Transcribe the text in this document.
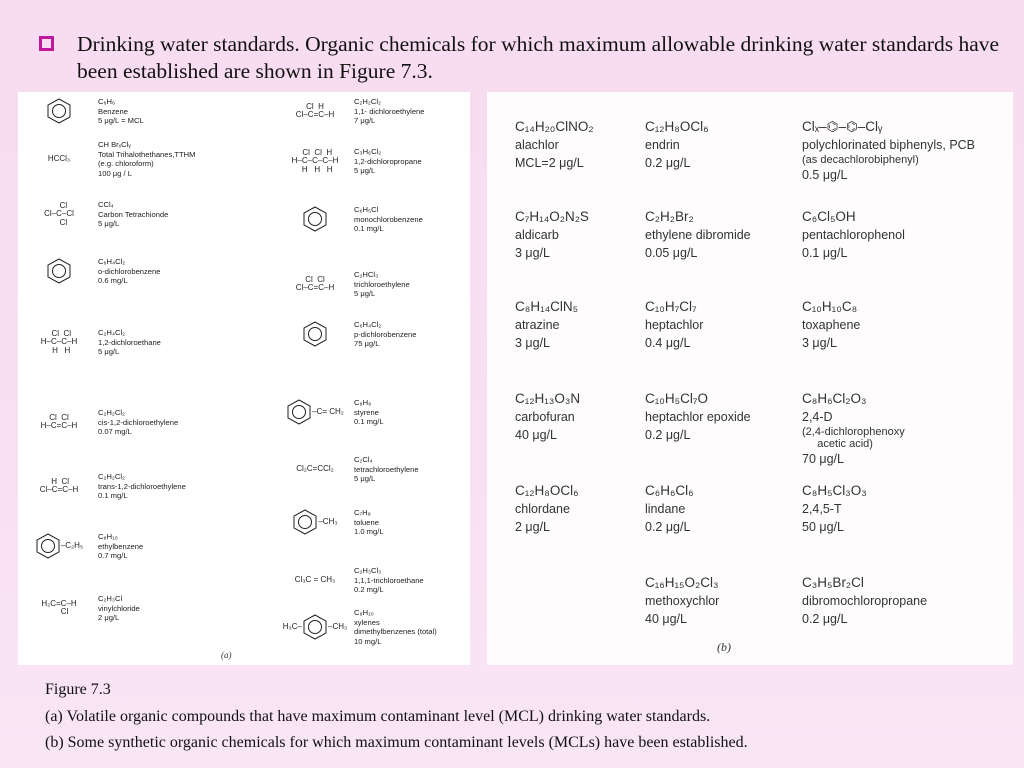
Drinking water standards. Organic chemicals for which maximum allowable drinking water standards have been established are shown in Figure 7.3.
(a)
C₆H₆
Benzene
5 μg/L = MCL
HCCl₃
CH BrₓClᵧ
Total Trihalothethanes,TTHM
(e.g. chloroform)
100 μg / L
Cl
Cl–C–Cl
Cl
CCl₄
Carbon Tetrachionde
5 μg/L
C₆H₄Cl₂
o-dichlorobenzene
0.6 mg/L
Cl  Cl
H–C–C–H
H   H
C₂H₄Cl₂
1,2-dichloroethane
5 μg/L
Cl  Cl
H–C=C–H
C₂H₂Cl₂
cis-1,2-dichloroethylene
0.07 mg/L
H  Cl
Cl–C=C–H
C₂H₂Cl₂
trans-1,2-dichloroethylene
0.1 mg/L
–C₂H₅
C₈H₁₀
ethylbenzene
0.7 mg/L
H₂C=C–H
Cl
C₂H₃Cl
vinylchloride
2 μg/L
Cl  H
Cl–C=C–H
C₂H₂Cl₂
1,1- dichloroethylene
7 μg/L
Cl  Cl  H
H–C–C–C–H
H   H   H
C₃H₆Cl₂
1,2-dichloropropane
5 μg/L
C₆H₅Cl
monochlorobenzene
0.1 mg/L
Cl  Cl
Cl–C=C–H
C₂HCl₃
trichloroethylene
5 μg/L
C₆H₄Cl₂
p-dichlorobenzene
75 μg/L
–C= CH₂
C₈H₈
styrene
0.1 mg/L
Cl₂C=CCl₂
C₂Cl₄
tetrachloroethylene
5 μg/L
–CH₃
C₇H₈
toluene
1.0 mg/L
Cl₃C = CH₃
C₂H₃Cl₃
1,1,1-trichloroethane
0.2 mg/L
H₃C–	–CH₃
C₈H₁₀
xylenes
dimethylbenzenes (total)
10 mg/L	(b)
C₁₄H₂₀ClNO₂
alachlor
MCL=2 μg/L
C₁₂H₈OCl₆
endrin
0.2 μg/L
Clₓ–⌬–⌬–Clᵧ
polychlorinated biphenyls, PCB
(as decachlorobiphenyl)
0.5 μg/L
C₇H₁₄O₂N₂S
aldicarb
3 μg/L
C₂H₂Br₂
ethylene dibromide
0.05 μg/L
C₆Cl₅OH
pentachlorophenol
0.1 μg/L
C₈H₁₄ClN₅
atrazine
3 μg/L
C₁₀H₇Cl₇
heptachlor
0.4 μg/L
C₁₀H₁₀C₈
toxaphene
3 μg/L
C₁₂H₁₃O₃N
carbofuran
40 μg/L
C₁₀H₅Cl₇O
heptachlor epoxide
0.2 μg/L
C₈H₆Cl₂O₃
2,4-D
(2,4-dichlorophenoxy
acetic acid)
70 μg/L
C₁₂H₈OCl₆
chlordane
2 μg/L
C₆H₆Cl₆
lindane
0.2 μg/L
C₈H₅Cl₃O₃
2,4,5-T
50 μg/L
C₁₆H₁₅O₂Cl₃
methoxychlor
40 μg/L
C₃H₅Br₂Cl
dibromochloropropane
0.2 μg/L
Figure 7.3
(a) Volatile organic compounds that have maximum contaminant level (MCL) drinking water standards.
(b) Some synthetic organic chemicals for which maximum contaminant levels (MCLs) have been established.
